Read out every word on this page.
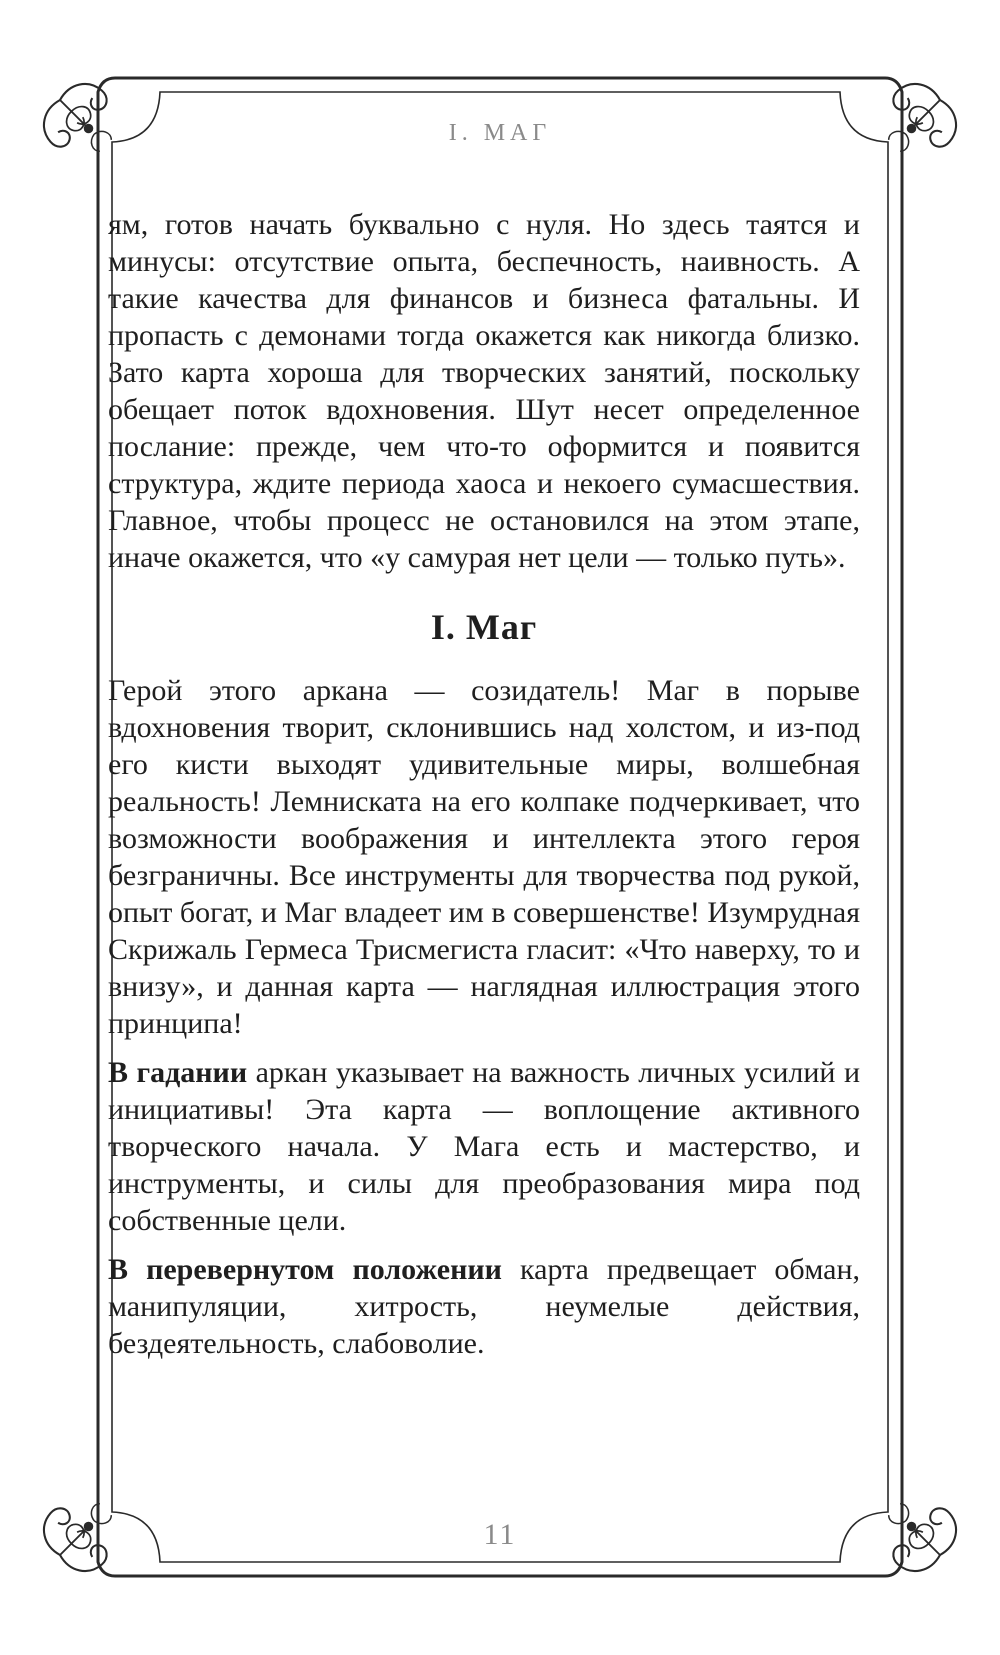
I. МАГ

ям, готов начать буквально с нуля. Но здесь таятся и минусы: отсутствие опыта, беспечность, наивность. А такие качества для финансов и бизнеса фатальны. И пропасть с демонами тогда окажется как никогда близко. Зато карта хороша для творческих занятий, поскольку обещает поток вдохновения. Шут несет определенное послание: прежде, чем что-то оформится и появится структура, ждите периода хаоса и некоего сумасшествия. Главное, чтобы процесс не остановился на этом этапе, иначе окажется, что «у самурая нет цели — только путь».

I. Маг

Герой этого аркана — созидатель! Маг в порыве вдохновения творит, склонившись над холстом, и из-под его кисти выходят удивительные миры, волшебная реальность! Лемниската на его колпаке подчеркивает, что возможности воображения и интеллекта этого героя безграничны. Все инструменты для творчества под рукой, опыт богат, и Маг владеет им в совершенстве! Изумрудная Скрижаль Гермеса Трисмегиста гласит: «Что наверху, то и внизу», и данная карта — наглядная иллюстрация этого принципа!

В гадании аркан указывает на важность личных усилий и инициативы! Эта карта — воплощение активного творческого начала. У Мага есть и мастерство, и инструменты, и силы для преобразования мира под собственные цели.

В перевернутом положении карта предвещает обман, манипуляции, хитрость, неумелые действия, бездеятельность, слабоволие.

11
